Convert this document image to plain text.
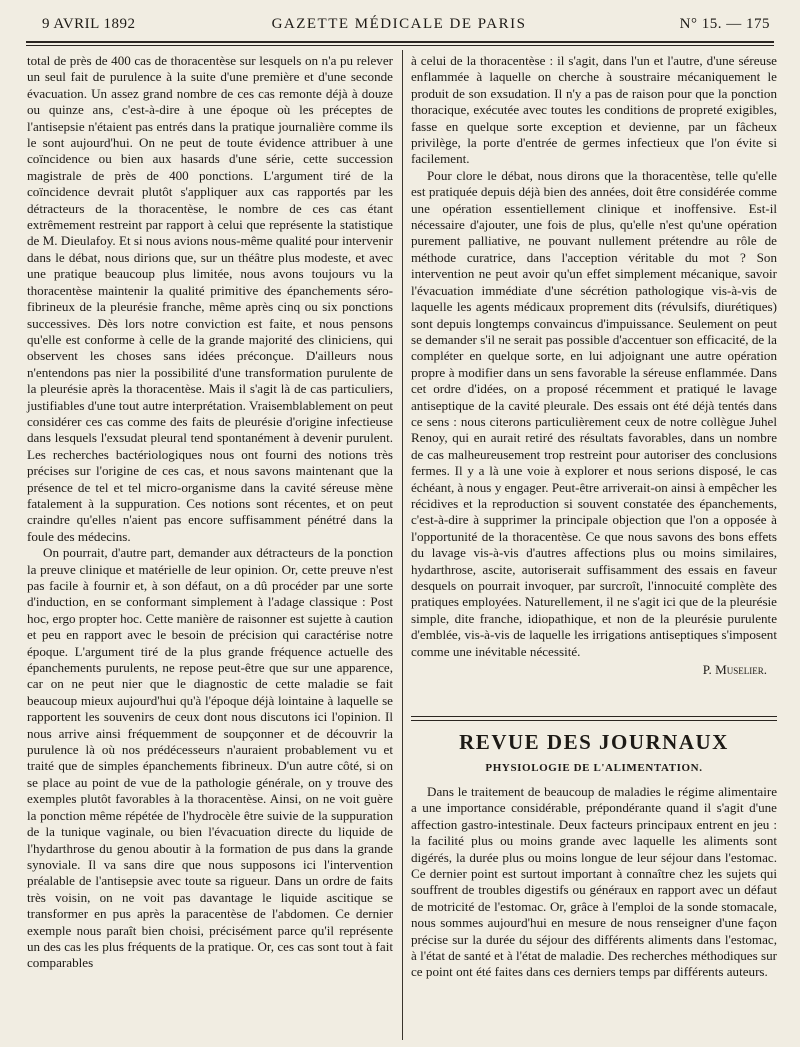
9 AVRIL 1892	GAZETTE MÉDICALE DE PARIS	N° 15. — 175

total de près de 400 cas de thoracentèse sur lesquels on n'a pu relever un seul fait de purulence à la suite d'une première et d'une seconde évacuation. Un assez grand nombre de ces cas remonte déjà à douze ou quinze ans, c'est-à-dire à une époque où les préceptes de l'antisepsie n'étaient pas entrés dans la pratique journalière comme ils le sont aujourd'hui. On ne peut de toute évidence attribuer à une coïncidence ou bien aux hasards d'une série, cette succession magistrale de près de 400 ponctions. L'argument tiré de la coïncidence devrait plutôt s'appliquer aux cas rapportés par les détracteurs de la thoracentèse, le nombre de ces cas étant extrêmement restreint par rapport à celui que représente la statistique de M. Dieulafoy. Et si nous avions nous-même qualité pour intervenir dans le débat, nous dirions que, sur un théâtre plus modeste, et avec une pratique beaucoup plus limitée, nous avons toujours vu la thoracentèse maintenir la qualité primitive des épanchements séro-fibrineux de la pleurésie franche, même après cinq ou six ponctions successives. Dès lors notre conviction est faite, et nous pensons qu'elle est conforme à celle de la grande majorité des cliniciens, qui observent les choses sans idées préconçue. D'ailleurs nous n'entendons pas nier la possibilité d'une transformation purulente de la pleurésie après la thoracentèse. Mais il s'agit là de cas particuliers, justifiables d'une tout autre interprétation. Vraisemblablement on peut considérer ces cas comme des faits de pleurésie d'origine infectieuse dans lesquels l'exsudat pleural tend spontanément à devenir purulent. Les recherches bactériologiques nous ont fourni des notions très précises sur l'origine de ces cas, et nous savons maintenant que la présence de tel et tel micro-organisme dans la cavité séreuse mène fatalement à la suppuration. Ces notions sont récentes, et on peut craindre qu'elles n'aient pas encore suffisamment pénétré dans la foule des médecins.

On pourrait, d'autre part, demander aux détracteurs de la ponction la preuve clinique et matérielle de leur opinion. Or, cette preuve n'est pas facile à fournir et, à son défaut, on a dû procéder par une sorte d'induction, en se conformant simplement à l'adage classique : Post hoc, ergo propter hoc. Cette manière de raisonner est sujette à caution et peu en rapport avec le besoin de précision qui caractérise notre époque. L'argument tiré de la plus grande fréquence actuelle des épanchements purulents, ne repose peut-être que sur une apparence, car on ne peut nier que le diagnostic de cette maladie se fait beaucoup mieux aujourd'hui qu'à l'époque déjà lointaine à laquelle se rapportent les souvenirs de ceux dont nous discutons ici l'opinion. Il nous arrive ainsi fréquemment de soupçonner et de découvrir la purulence là où nos prédécesseurs n'auraient probablement vu et traité que de simples épanchements fibrineux. D'un autre côté, si on se place au point de vue de la pathologie générale, on y trouve des exemples plutôt favorables à la thoracentèse. Ainsi, on ne voit guère la ponction même répétée de l'hydrocèle être suivie de la suppuration de la tunique vaginale, ou bien l'évacuation directe du liquide de l'hydarthrose du genou aboutir à la formation de pus dans la grande synoviale. Il va sans dire que nous supposons ici l'intervention préalable de l'antisepsie avec toute sa rigueur. Dans un ordre de faits très voisin, on ne voit pas davantage le liquide ascitique se transformer en pus après la paracentèse de l'abdomen. Ce dernier exemple nous paraît bien choisi, précisément parce qu'il représente un des cas les plus fréquents de la pratique. Or, ces cas sont tout à fait comparables

à celui de la thoracentèse : il s'agit, dans l'un et l'autre, d'une séreuse enflammée à laquelle on cherche à soustraire mécaniquement le produit de son exsudation. Il n'y a pas de raison pour que la ponction thoracique, exécutée avec toutes les conditions de propreté exigibles, fasse en quelque sorte exception et devienne, par un fâcheux privilège, la porte d'entrée de germes infectieux que l'on évite si facilement.

Pour clore le débat, nous dirons que la thoracentèse, telle qu'elle est pratiquée depuis déjà bien des années, doit être considérée comme une opération essentiellement clinique et inoffensive. Est-il nécessaire d'ajouter, une fois de plus, qu'elle n'est qu'une opération purement palliative, ne pouvant nullement prétendre au rôle de méthode curatrice, dans l'acception véritable du mot ? Son intervention ne peut avoir qu'un effet simplement mécanique, savoir l'évacuation immédiate d'une sécrétion pathologique vis-à-vis de laquelle les agents médicaux proprement dits (révulsifs, diurétiques) sont depuis longtemps convaincus d'impuissance. Seulement on peut se demander s'il ne serait pas possible d'accentuer son efficacité, de la compléter en quelque sorte, en lui adjoignant une autre opération propre à modifier dans un sens favorable la séreuse enflammée. Dans cet ordre d'idées, on a proposé récemment et pratiqué le lavage antiseptique de la cavité pleurale. Des essais ont été déjà tentés dans ce sens : nous citerons particulièrement ceux de notre collègue Juhel Renoy, qui en aurait retiré des résultats favorables, dans un nombre de cas malheureusement trop restreint pour autoriser des conclusions fermes. Il y a là une voie à explorer et nous serions disposé, le cas échéant, à nous y engager. Peut-être arriverait-on ainsi à empêcher les récidives et la reproduction si souvent constatée des épanchements, c'est-à-dire à supprimer la principale objection que l'on a opposée à l'opportunité de la thoracentèse. Ce que nous savons des bons effets du lavage vis-à-vis d'autres affections plus ou moins similaires, hydarthrose, ascite, autoriserait suffisamment des essais en faveur desquels on pourrait invoquer, par surcroît, l'innocuité complète des pratiques employées. Naturellement, il ne s'agit ici que de la pleurésie simple, dite franche, idiopathique, et non de la pleurésie purulente d'emblée, vis-à-vis de laquelle les irrigations antiseptiques s'imposent comme une inévitable nécessité.

P. Muselier.
REVUE DES JOURNAUX
PHYSIOLOGIE DE L'ALIMENTATION.

Dans le traitement de beaucoup de maladies le régime alimentaire a une importance considérable, prépondérante quand il s'agit d'une affection gastro-intestinale. Deux facteurs principaux entrent en jeu : la facilité plus ou moins grande avec laquelle les aliments sont digérés, la durée plus ou moins longue de leur séjour dans l'estomac. Ce dernier point est surtout important à connaître chez les sujets qui souffrent de troubles digestifs ou généraux en rapport avec un défaut de motricité de l'estomac. Or, grâce à l'emploi de la sonde stomacale, nous sommes aujourd'hui en mesure de nous renseigner d'une façon précise sur la durée du séjour des différents aliments dans l'estomac, à l'état de santé et à l'état de maladie. Des recherches méthodiques sur ce point ont été faites dans ces derniers temps par différents auteurs.
